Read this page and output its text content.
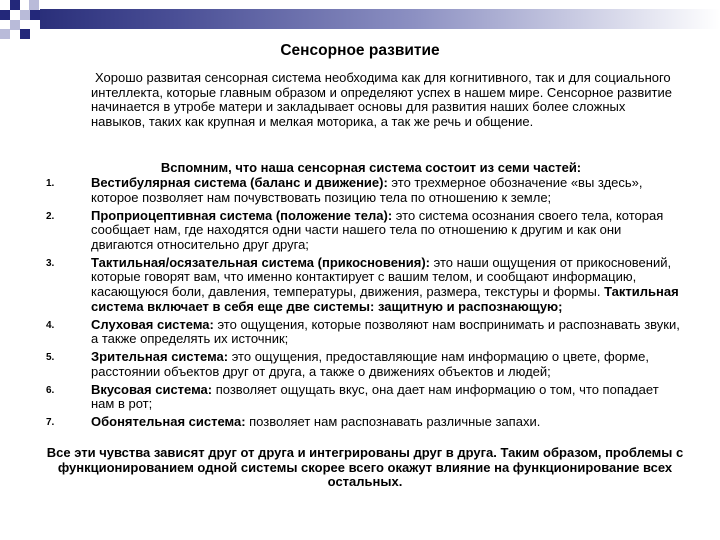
Сенсорное развитие

Хорошо развитая сенсорная система необходима как для когнитивного, так и для социального интеллекта, которые главным образом и определяют успех в нашем мире. Сенсорное развитие начинается в утробе матери и закладывает основы для развития наших более сложных навыков, таких как крупная и мелкая моторика, а так же речь и общение.

Вспомним, что наша сенсорная система состоит из семи частей:

1.	Вестибулярная система (баланс и движение): это трехмерное обозначение «вы здесь», которое позволяет нам почувствовать позицию тела по отношению к земле;
2.	Проприоцептивная система (положение тела): это система осознания своего тела, которая сообщает нам, где находятся одни части нашего тела по отношению к другим и как они двигаются относительно друг друга;
3.	Тактильная/осязательная система (прикосновения): это наши ощущения от прикосновений, которые говорят вам, что именно контактирует с вашим телом, и сообщают информацию, касающуюся боли, давления, температуры, движения, размера, текстуры и формы. Тактильная система включает в себя еще две системы: защитную и распознающую;
4.	Слуховая система: это ощущения, которые позволяют нам воспринимать и распознавать звуки, а также определять их источник;
5.	Зрительная система: это ощущения, предоставляющие нам информацию о цвете, форме, расстоянии объектов друг от друга, а также о движениях объектов и людей;
6.	Вкусовая система: позволяет ощущать вкус, она дает нам информацию о том, что попадает нам в рот;
7.	Обонятельная система: позволяет нам распознавать различные запахи.

Все эти чувства зависят друг от друга и интегрированы друг в друга. Таким образом, проблемы с функционированием одной системы скорее всего окажут влияние на функционирование всех остальных.
